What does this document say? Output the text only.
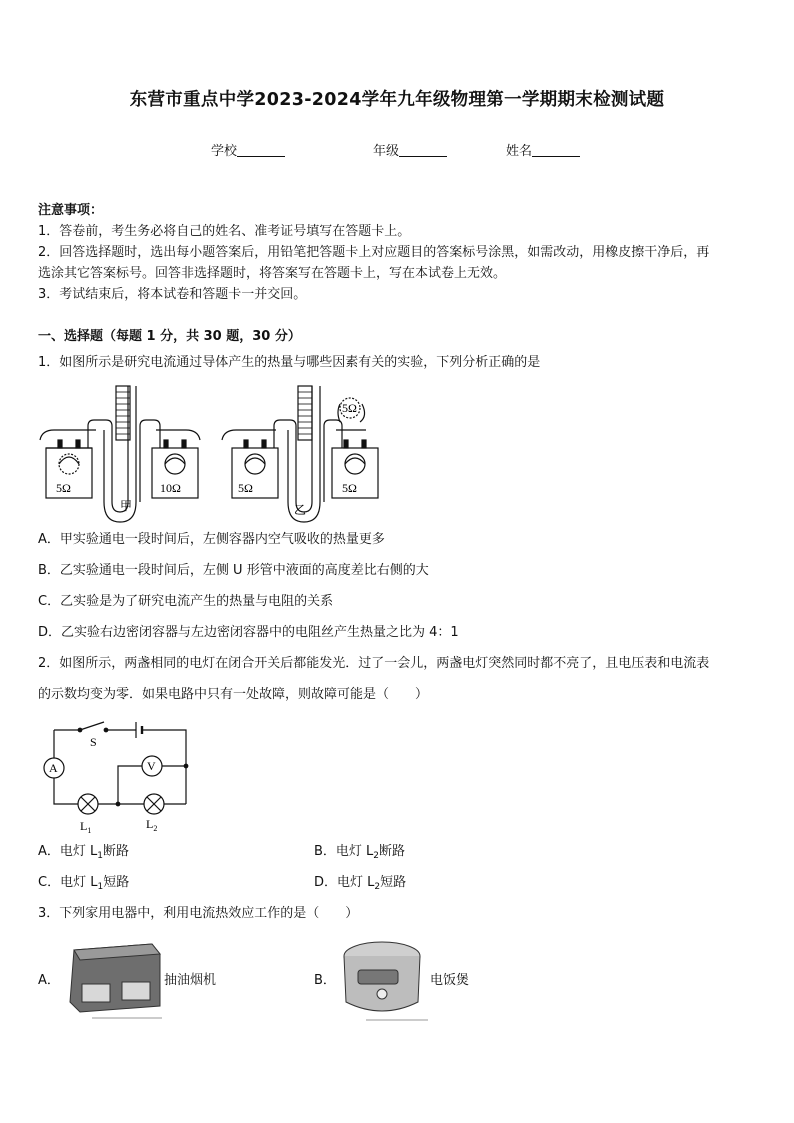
东营市重点中学2023-2024学年九年级物理第一学期期末检测试题
学校	年级	姓名
注意事项：
1．答卷前，考生务必将自己的姓名、准考证号填写在答题卡上。
2．回答选择题时，选出每小题答案后，用铅笔把答题卡上对应题目的答案标号涂黑，如需改动，用橡皮擦干净后，再
选涂其它答案标号。回答非选择题时，将答案写在答题卡上，写在本试卷上无效。
3．考试结束后，将本试卷和答题卡一并交回。
一、选择题（每题 1 分，共 30 题，30 分）
1．如图所示是研究电流通过导体产生的热量与哪些因素有关的实验，下列分析正确的是
5Ω	10Ω
甲
5Ω	5Ω
5Ω
乙
A．甲实验通电一段时间后，左侧容器内空气吸收的热量更多
B．乙实验通电一段时间后，左侧 U 形管中液面的高度差比右侧的大
C．乙实验是为了研究电流产生的热量与电阻的关系
D．乙实验右边密闭容器与左边密闭容器中的电阻丝产生热量之比为 4：1
2．如图所示，两盏相同的电灯在闭合开关后都能发光．过了一会儿，两盏电灯突然同时都不亮了，且电压表和电流表
的示数均变为零．如果电路中只有一处故障，则故障可能是（　　）
A	V
S
$L_1$	$L_2$
A．电灯 $L_1$断路	B．电灯 $L_2$断路
C．电灯 $L_1$短路	D．电灯 $L_2$短路
3．下列家用电器中，利用电流热效应工作的是（　　）
A．	抽油烟机	B．	电饭煲
